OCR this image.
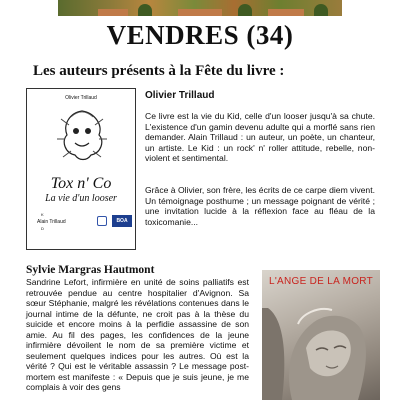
VENDRES (34)
Les auteurs présents à la Fête du livre :
Olivier Trillaud
Tox n' Co
La vie d'un looser
K
Alain Trillaud
D
BOA
Olivier Trillaud
Ce livre est la vie du Kid, celle d'un looser jusqu'à sa chute. L'existence d'un gamin devenu adulte qui a morflé sans rien demander. Alain Trillaud : un auteur, un poète, un chanteur, un artiste. Le Kid : un rock' n' roller attitude, rebelle, non-violent et sentimental.
Grâce à Olivier, son frère, les écrits de ce carpe diem vivent. Un témoignage posthume ; un message poignant de vérité ; une invitation lucide à la réflexion face au fléau de la toxicomanie...
Sylvie Margras Hautmont
Sandrine Lefort, infirmière en unité de soins palliatifs est retrouvée pendue au centre hospitalier d'Avignon. Sa sœur Stéphanie, malgré les révélations contenues dans le journal intime de la défunte, ne croit pas à la thèse du suicide et encore moins à la perfidie assassine de son amie. Au fil des pages, les confidences de la jeune infirmière dévoilent le nom de sa première victime et seulement quelques indices pour les autres. Où est la vérité ? Qui est le véritable assassin ? Le message post-mortem est manifeste : « Depuis que je suis jeune, je me complais à voir des gens
L'ANGE DE LA MORT
